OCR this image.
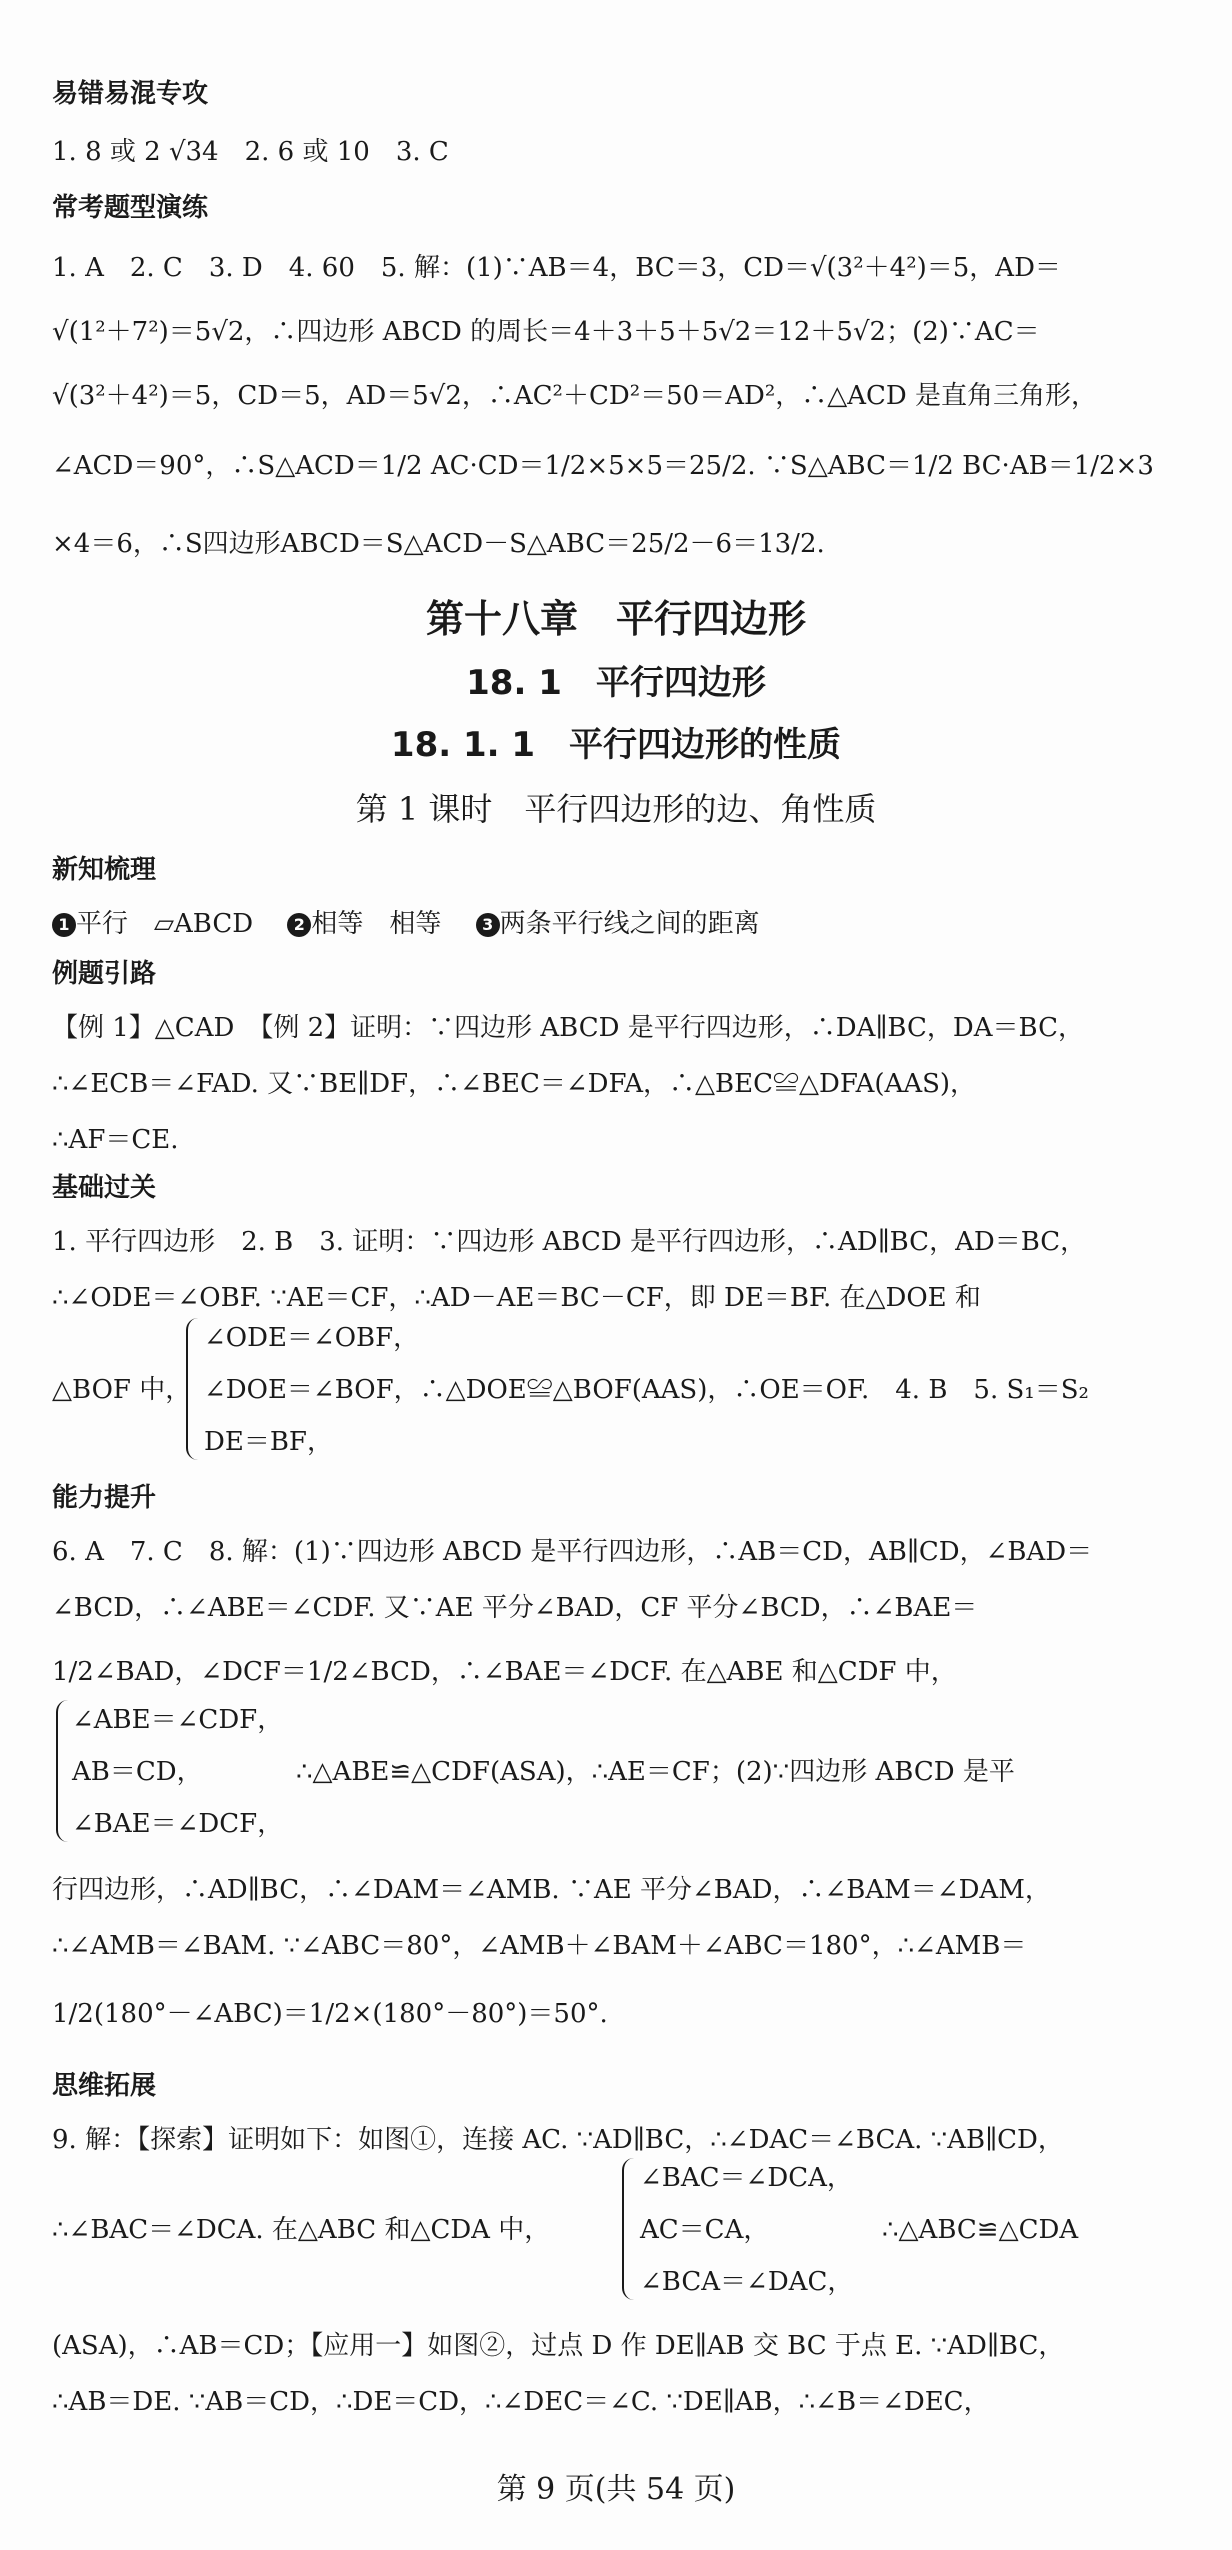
易错易混专攻
1. 8 或 2 √34　2. 6 或 10　3. C
常考题型演练
1. A　2. C　3. D　4. 60　5. 解：(1)∵AB＝4，BC＝3，CD＝√(3²＋4²)＝5，AD＝
√(1²＋7²)＝5√2，∴四边形 ABCD 的周长＝4＋3＋5＋5√2＝12＋5√2；(2)∵AC＝
√(3²＋4²)＝5，CD＝5，AD＝5√2，∴AC²＋CD²＝50＝AD²，∴△ACD 是直角三角形，
∠ACD＝90°，∴S△ACD＝1/2 AC·CD＝1/2×5×5＝25/2. ∵S△ABC＝1/2 BC·AB＝1/2×3
×4＝6，∴S四边形ABCD＝S△ACD－S△ABC＝25/2－6＝13/2.
第十八章　平行四边形
18. 1　平行四边形
18. 1. 1　平行四边形的性质
第 1 课时　平行四边形的边、角性质
新知梳理
1 平行　▱ABCD　	2 相等　相等　	3 两条平行线之间的距离
例题引路
【例 1】△CAD　【例 2】证明：∵四边形 ABCD 是平行四边形，∴DA∥BC，DA＝BC，
∴∠ECB＝∠FAD. 又∵BE∥DF，∴∠BEC＝∠DFA，∴△BEC≌△DFA(AAS)，
∴AF＝CE.
基础过关
1. 平行四边形　2. B　3. 证明：∵四边形 ABCD 是平行四边形，∴AD∥BC，AD＝BC，
∴∠ODE＝∠OBF. ∵AE＝CF，∴AD－AE＝BC－CF，即 DE＝BF. 在△DOE 和
△BOF 中，
∠ODE＝∠OBF，
∠DOE＝∠BOF，∴△DOE≌△BOF(AAS)，∴OE＝OF.　4. B　5. S₁＝S₂
DE＝BF，
能力提升
6. A　7. C　8. 解：(1)∵四边形 ABCD 是平行四边形，∴AB＝CD，AB∥CD，∠BAD＝
∠BCD，∴∠ABE＝∠CDF. 又∵AE 平分∠BAD，CF 平分∠BCD，∴∠BAE＝
1/2∠BAD，∠DCF＝1/2∠BCD，∴∠BAE＝∠DCF. 在△ABE 和△CDF 中，
∠ABE＝∠CDF，
AB＝CD，
∠BAE＝∠DCF，
∴△ABE≌△CDF(ASA)，∴AE＝CF；(2)∵四边形 ABCD 是平
行四边形，∴AD∥BC，∴∠DAM＝∠AMB. ∵AE 平分∠BAD，∴∠BAM＝∠DAM，
∴∠AMB＝∠BAM. ∵∠ABC＝80°，∠AMB＋∠BAM＋∠ABC＝180°，∴∠AMB＝
1/2(180°－∠ABC)＝1/2×(180°－80°)＝50°.
思维拓展
9. 解：【探索】证明如下：如图①，连接 AC. ∵AD∥BC，∴∠DAC＝∠BCA. ∵AB∥CD，
∴∠BAC＝∠DCA. 在△ABC 和△CDA 中，
∠BAC＝∠DCA，
AC＝CA，
∠BCA＝∠DAC，
∴△ABC≌△CDA
(ASA)，∴AB＝CD；【应用一】如图②，过点 D 作 DE∥AB 交 BC 于点 E. ∵AD∥BC，
∴AB＝DE. ∵AB＝CD，∴DE＝CD，∴∠DEC＝∠C. ∵DE∥AB，∴∠B＝∠DEC，
第 9 页(共 54 页)
